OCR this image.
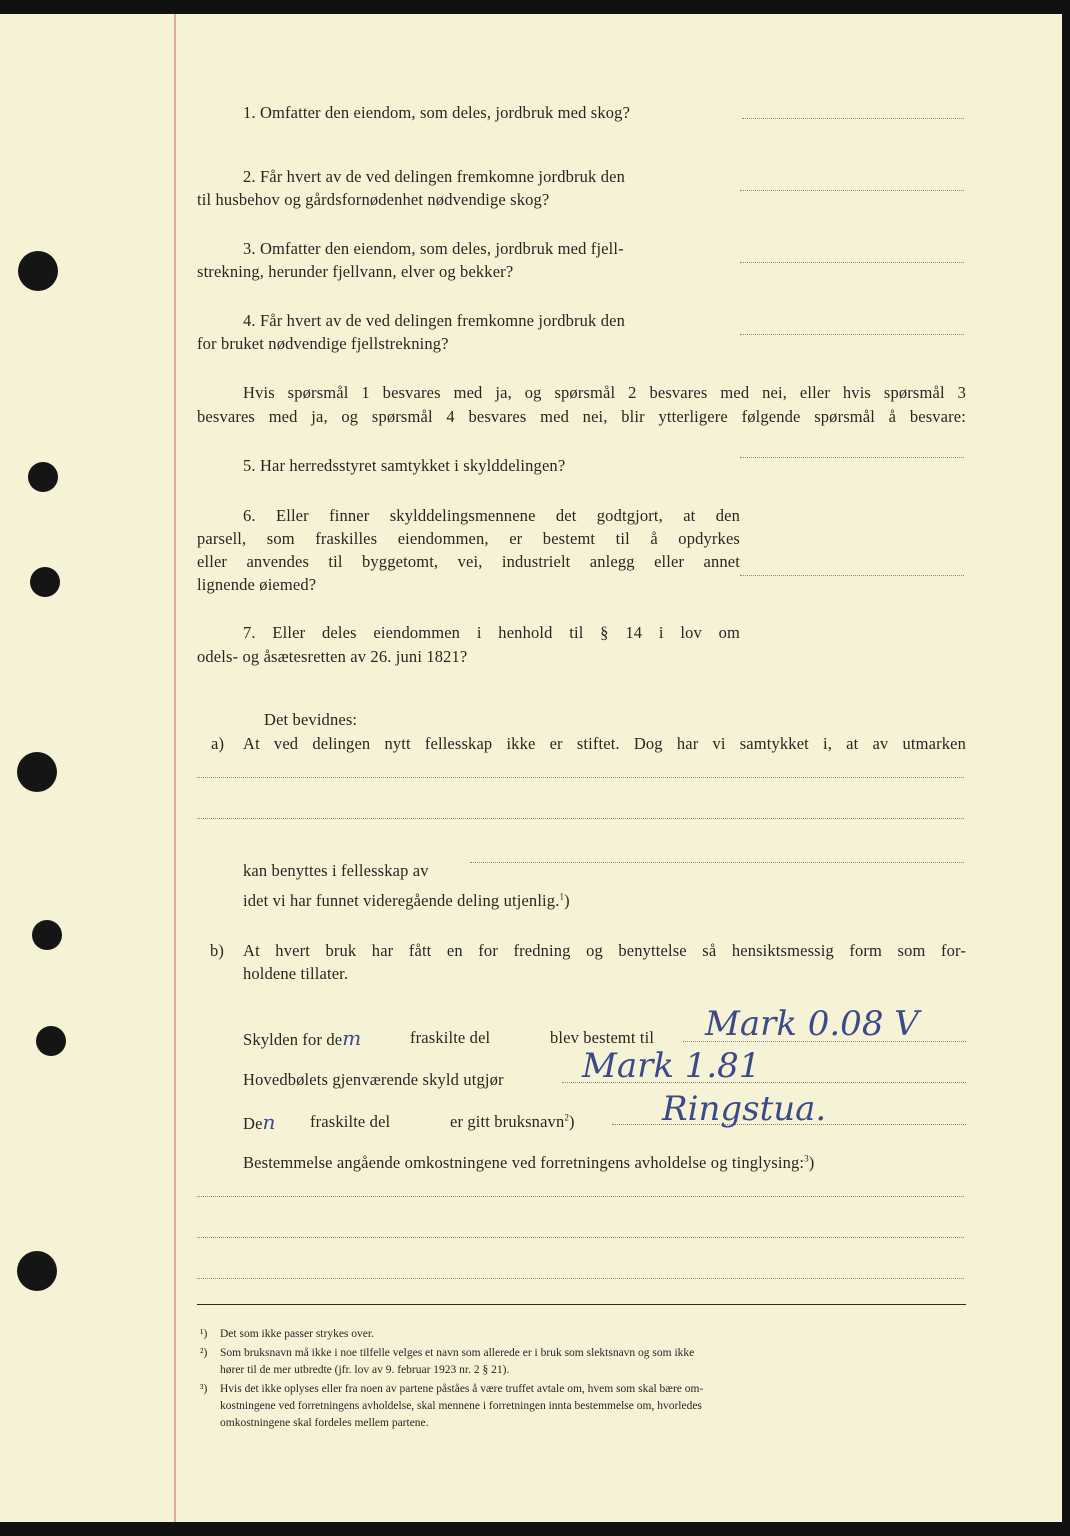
1. Omfatter den eiendom, som deles, jordbruk med skog?
2. Får hvert av de ved delingen fremkomne jordbruk den
til husbehov og gårdsfornødenhet nødvendige skog?
3. Omfatter den eiendom, som deles, jordbruk med fjell-
strekning, herunder fjellvann, elver og bekker?
4. Får hvert av de ved delingen fremkomne jordbruk den
for bruket nødvendige fjellstrekning?
Hvis spørsmål 1 besvares med ja, og spørsmål 2 besvares med nei, eller hvis spørsmål 3
besvares med ja, og spørsmål 4 besvares med nei, blir ytterligere følgende spørsmål å besvare:
5. Har herredsstyret samtykket i skylddelingen?
6. Eller finner skylddelingsmennene det godtgjort, at den
parsell, som fraskilles eiendommen, er bestemt til å opdyrkes
eller anvendes til byggetomt, vei, industrielt anlegg eller annet
lignende øiemed?
7. Eller deles eiendommen i henhold til § 14 i lov om
odels- og åsætesretten av 26. juni 1821?
Det bevidnes:
a) At ved delingen nytt fellesskap ikke er stiftet. Dog har vi samtykket i, at av utmarken
kan benyttes i fellesskap av
idet vi har funnet videregående deling utjenlig.$^1$)
b) At hvert bruk har fått en for fredning og benyttelse så hensiktsmessig form som for-
holdene tillater.
Skylden for dem	fraskilte del	blev bestemt til Mark 0.08 V
Hovedbølets gjenværende skyld utgjør Mark 1.81
Den fraskilte del	er gitt bruksnavn$^2$)	Ringstua.
Bestemmelse angående omkostningene ved forretningens avholdelse og tinglysing:$^3$)
¹) Det som ikke passer strykes over.
²) Som bruksnavn må ikke i noe tilfelle velges et navn som allerede er i bruk som slektsnavn og som ikke
hører til de mer utbredte (jfr. lov av 9. februar 1923 nr. 2 § 21).
³) Hvis det ikke oplyses eller fra noen av partene påståes å være truffet avtale om, hvem som skal bære om-
kostningene ved forretningens avholdelse, skal mennene i forretningen innta bestemmelse om, hvorledes
omkostningene skal fordeles mellem partene.
